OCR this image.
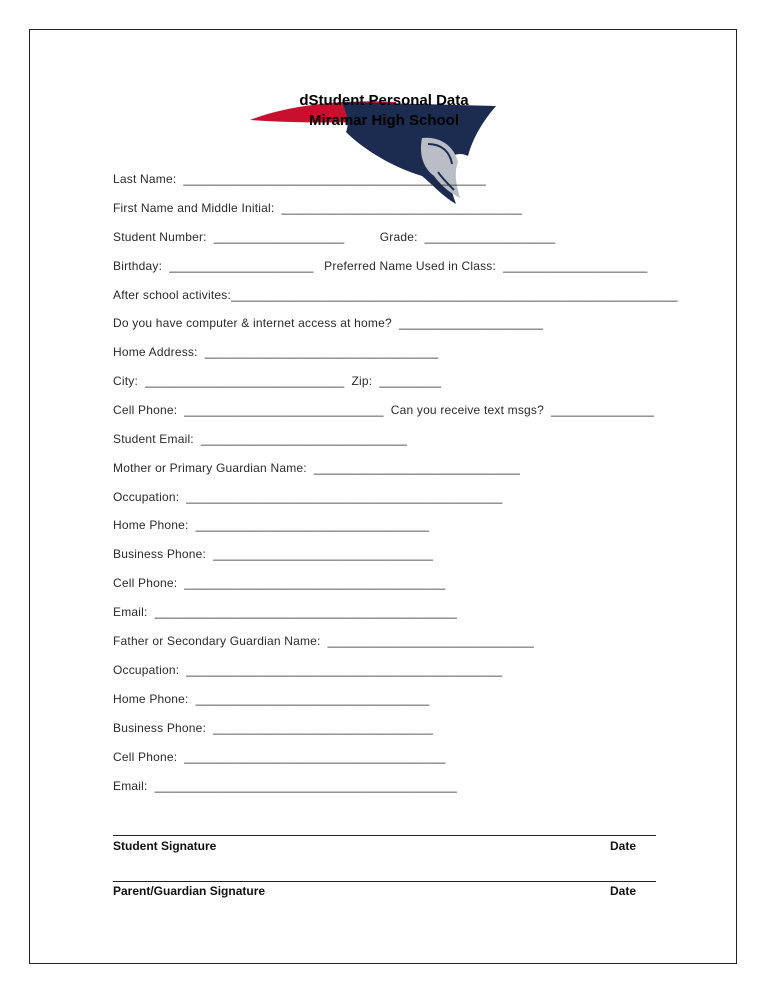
dStudent Personal Data
Miramar High School
Last Name:  ____________________________________________
First Name and Middle Initial:  ___________________________________
Student Number:  ___________________          Grade:  ___________________
Birthday:  _____________________   Preferred Name Used in Class:  _____________________
After school activites:_________________________________________________________________
Do you have computer & internet access at home?  _____________________
Home Address:  __________________________________
City:  _____________________________  Zip:  _________
Cell Phone:  _____________________________  Can you receive text msgs?  _______________
Student Email:  ______________________________
Mother or Primary Guardian Name:  ______________________________
Occupation:  ______________________________________________
Home Phone:  __________________________________
Business Phone:  ________________________________
Cell Phone:  ______________________________________
Email:  ____________________________________________
Father or Secondary Guardian Name:  ______________________________
Occupation:  ______________________________________________
Home Phone:  __________________________________
Business Phone:  ________________________________
Cell Phone:  ______________________________________
Email:  ____________________________________________
Student Signature	Date
Parent/Guardian Signature	Date
